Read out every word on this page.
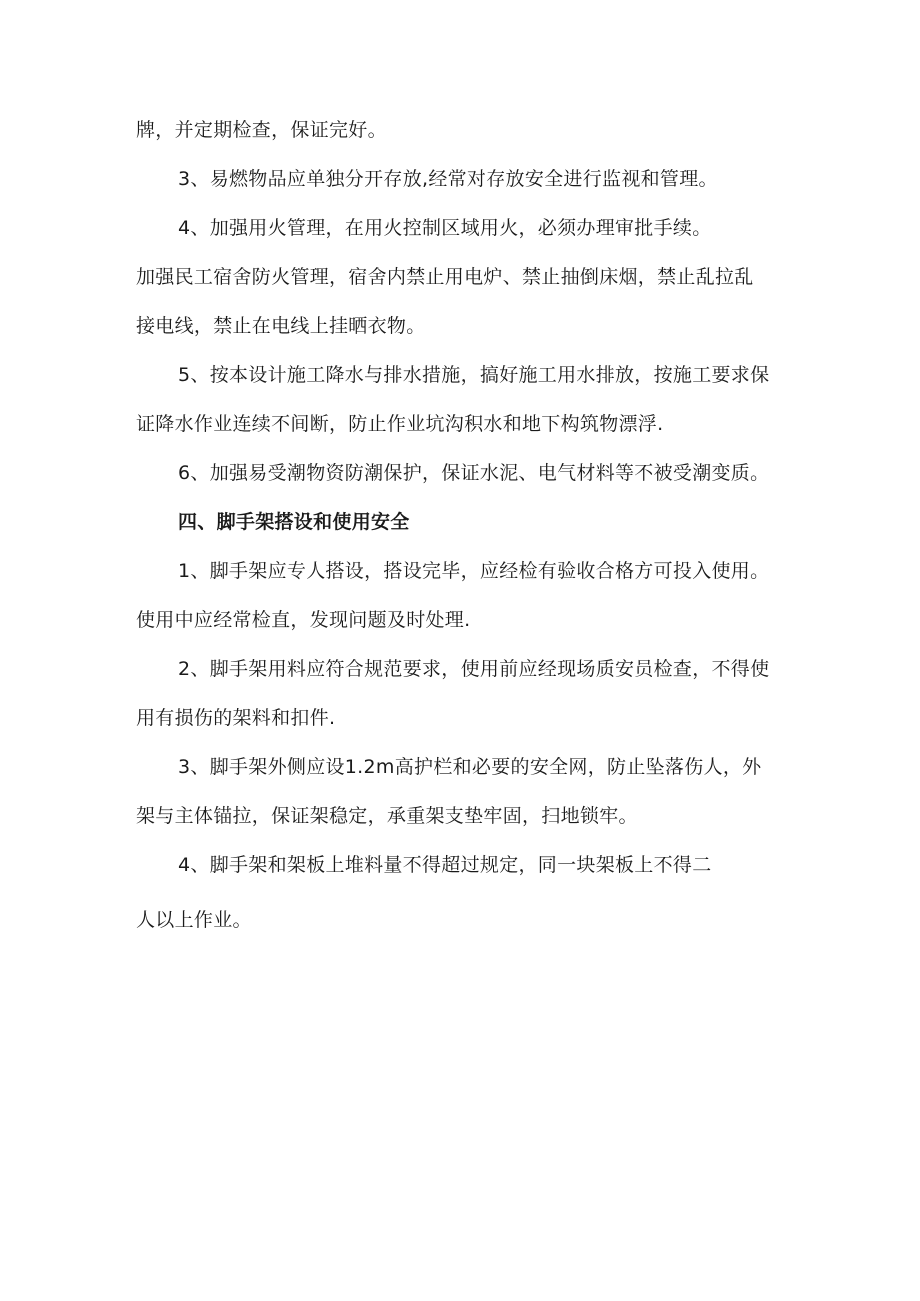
牌，并定期检查，保证完好。
3、易燃物品应单独分开存放,经常对存放安全进行监视和管理。
4、加强用火管理，在用火控制区域用火，必须办理审批手续。
加强民工宿舍防火管理，宿舍内禁止用电炉、禁止抽倒床烟，禁止乱拉乱
接电线，禁止在电线上挂晒衣物。
5、按本设计施工降水与排水措施，搞好施工用水排放，按施工要求保
证降水作业连续不间断，防止作业坑沟积水和地下构筑物漂浮.
6、加强易受潮物资防潮保护，保证水泥、电气材料等不被受潮变质。
四、脚手架搭设和使用安全
1、脚手架应专人搭设，搭设完毕，应经检有验收合格方可投入使用。
使用中应经常检直，发现问题及时处理.
2、脚手架用料应符合规范要求，使用前应经现场质安员检查，不得使
用有损伤的架料和扣件.
3、脚手架外侧应设1.2m高护栏和必要的安全网，防止坠落伤人，外
架与主体锚拉，保证架稳定，承重架支垫牢固，扫地锁牢。
4、脚手架和架板上堆料量不得超过规定，同一块架板上不得二
人以上作业。
